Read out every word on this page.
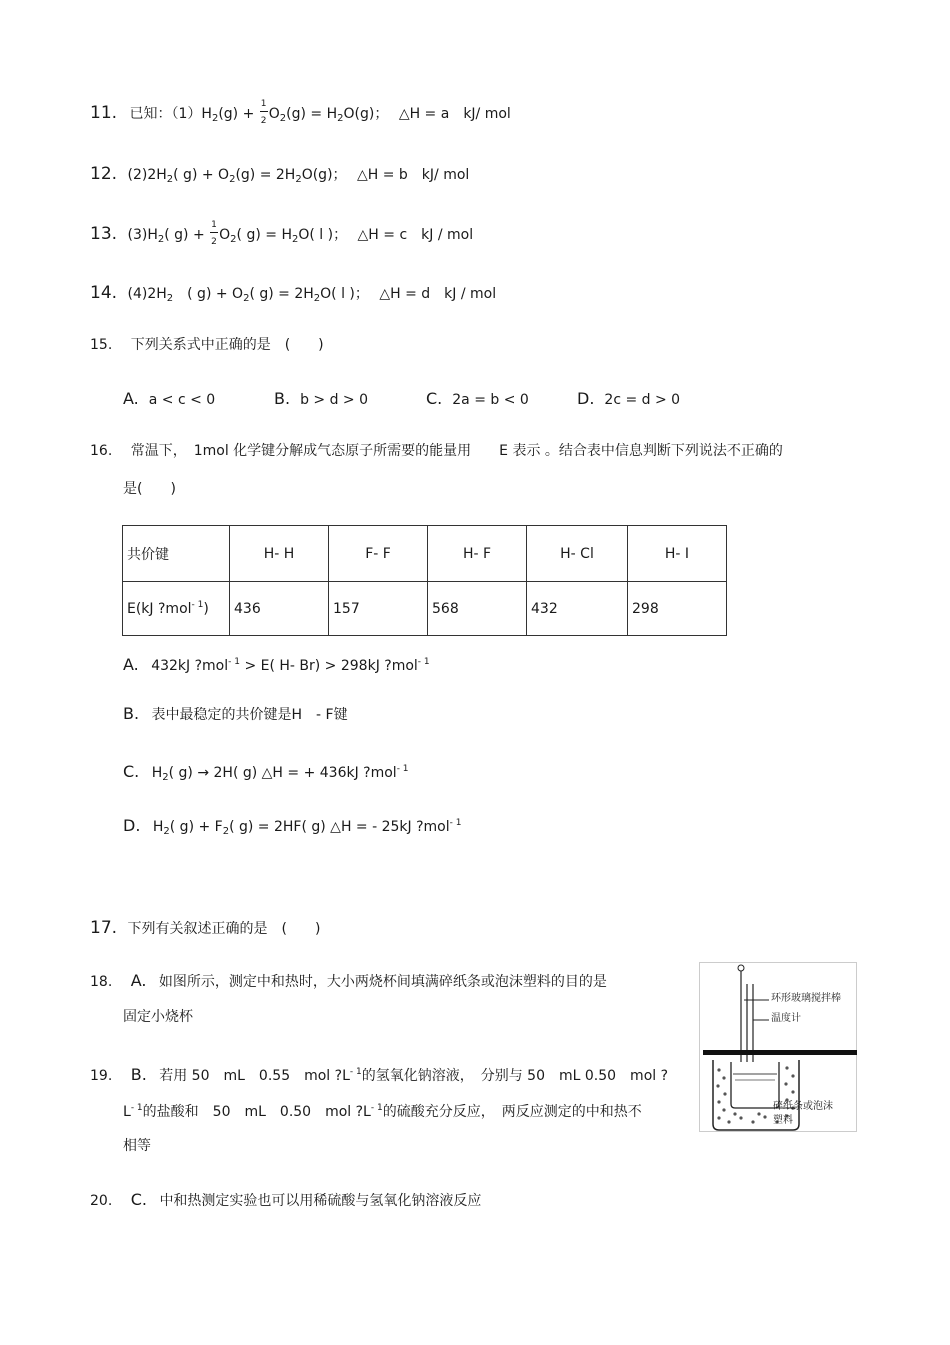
11. 已知：$(1)H_2(g) + \frac{1}{2} O_2(g) = H_2O(g)$； △H = a　kJ/ mol
12. $(2)2H_2$( $g) + O_2(g) = 2H_2O(g)$； △H = b　kJ/ mol
13. $(3)H_2$( $g) + \frac{1}{2} O_2$( $g) = H_2O$( l )； △H = c　kJ / mol
14. $(4)2H_2$　( $g) + O_2$( $g) = 2H_2O$( l )； △H = d　kJ / mol
15. 下列关系式中正确的是　(　　)
A. a < c < 0	B. b > d > 0	C. 2a = b < 0	D. 2c = d > 0
16. 常温下，　1mol 化学键分解成气态原子所需要的能量用　　E 表示 。结合表中信息判断下列说法不正确的
是(　　)
共价键	H- H	F- F	H- F	H- Cl	H- I
E(kJ ?mol$^{- 1}$)	436	157	568	432	298
A. 432kJ ?mol$^{- 1}$ > E( H- Br) > 298kJ ?mol$^{- 1}$
B. 表中最稳定的共价键是H　- F键
C. $H_2$( g) → 2H( g) △H = + 436kJ ?mol$^{- 1}$
D. $H_2$( $g) + F_2$( g) = 2HF( g) △H = - 25kJ ?mol$^{- 1}$
17. 下列有关叙述正确的是　(　　)
18. A. 如图所示，测定中和热时，大小两烧杯间填满碎纸条或泡沫塑料的目的是
固定小烧杯
19. B. 若用 50　mL　0.55　mol $?L^{- 1}$的氢氧化钠溶液，　分别与 50　mL 0.50　mol ?
$L^{- 1}$的盐酸和　50　mL　0.50　mol $?L^{- 1}$的硫酸充分反应，　两反应测定的中和热不
相等
20. C. 中和热测定实验也可以用稀硫酸与氢氧化钠溶液反应
环形玻璃搅拌棒
温度计
碎纸条或泡沫
塑料
